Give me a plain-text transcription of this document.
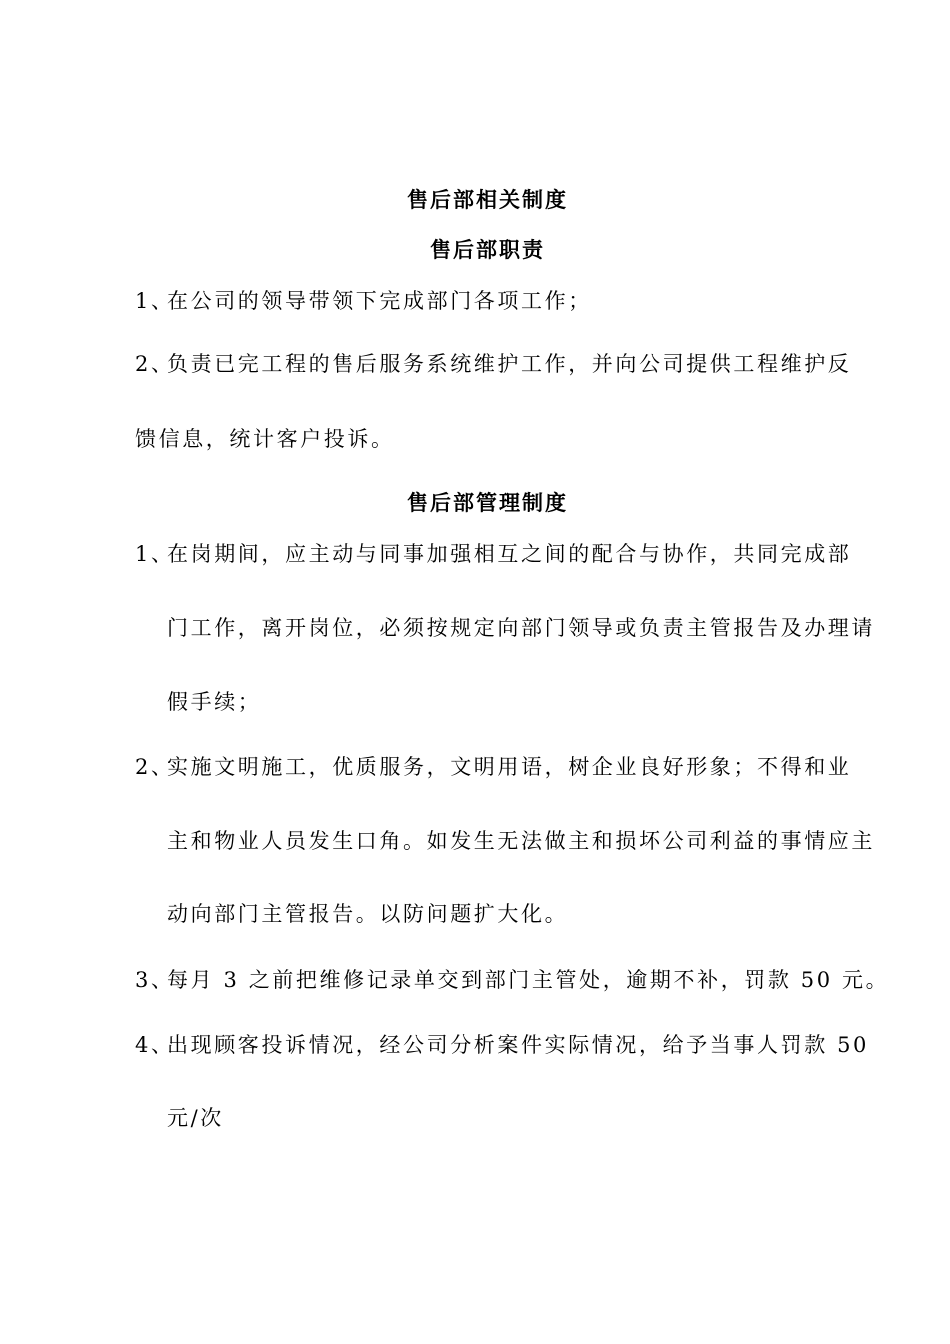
售后部相关制度
售后部职责
1、在公司的领导带领下完成部门各项工作；
2、负责已完工程的售后服务系统维护工作，并向公司提供工程维护反
馈信息，统计客户投诉。
售后部管理制度
1、在岗期间，应主动与同事加强相互之间的配合与协作，共同完成部
门工作，离开岗位，必须按规定向部门领导或负责主管报告及办理请
假手续；
2、实施文明施工，优质服务，文明用语，树企业良好形象；不得和业
主和物业人员发生口角。如发生无法做主和损坏公司利益的事情应主
动向部门主管报告。以防问题扩大化。
3、每月 3 之前把维修记录单交到部门主管处，逾期不补，罚款 50 元。
4、出现顾客投诉情况，经公司分析案件实际情况，给予当事人罚款 50
元/次
